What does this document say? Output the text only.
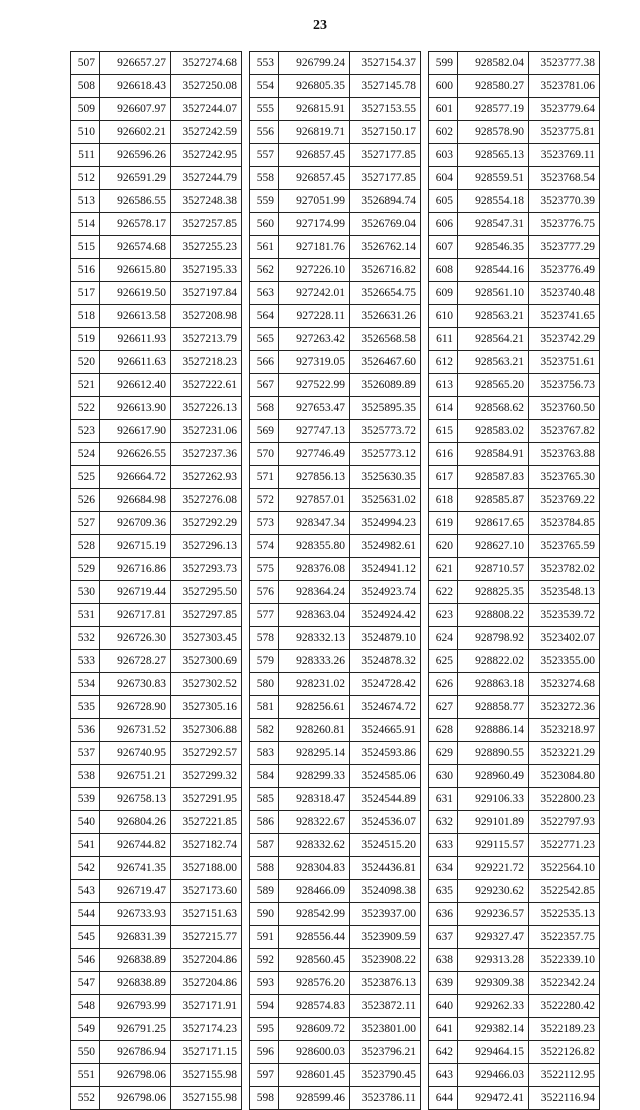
23
507	926657.27	3527274.68
508	926618.43	3527250.08
509	926607.97	3527244.07
510	926602.21	3527242.59
511	926596.26	3527242.95
512	926591.29	3527244.79
513	926586.55	3527248.38
514	926578.17	3527257.85
515	926574.68	3527255.23
516	926615.80	3527195.33
517	926619.50	3527197.84
518	926613.58	3527208.98
519	926611.93	3527213.79
520	926611.63	3527218.23
521	926612.40	3527222.61
522	926613.90	3527226.13
523	926617.90	3527231.06
524	926626.55	3527237.36
525	926664.72	3527262.93
526	926684.98	3527276.08
527	926709.36	3527292.29
528	926715.19	3527296.13
529	926716.86	3527293.73
530	926719.44	3527295.50
531	926717.81	3527297.85
532	926726.30	3527303.45
533	926728.27	3527300.69
534	926730.83	3527302.52
535	926728.90	3527305.16
536	926731.52	3527306.88
537	926740.95	3527292.57
538	926751.21	3527299.32
539	926758.13	3527291.95
540	926804.26	3527221.85
541	926744.82	3527182.74
542	926741.35	3527188.00
543	926719.47	3527173.60
544	926733.93	3527151.63
545	926831.39	3527215.77
546	926838.89	3527204.86
547	926838.89	3527204.86
548	926793.99	3527171.91
549	926791.25	3527174.23
550	926786.94	3527171.15
551	926798.06	3527155.98
552	926798.06	3527155.98
553	926799.24	3527154.37
554	926805.35	3527145.78
555	926815.91	3527153.55
556	926819.71	3527150.17
557	926857.45	3527177.85
558	926857.45	3527177.85
559	927051.99	3526894.74
560	927174.99	3526769.04
561	927181.76	3526762.14
562	927226.10	3526716.82
563	927242.01	3526654.75
564	927228.11	3526631.26
565	927263.42	3526568.58
566	927319.05	3526467.60
567	927522.99	3526089.89
568	927653.47	3525895.35
569	927747.13	3525773.72
570	927746.49	3525773.12
571	927856.13	3525630.35
572	927857.01	3525631.02
573	928347.34	3524994.23
574	928355.80	3524982.61
575	928376.08	3524941.12
576	928364.24	3524923.74
577	928363.04	3524924.42
578	928332.13	3524879.10
579	928333.26	3524878.32
580	928231.02	3524728.42
581	928256.61	3524674.72
582	928260.81	3524665.91
583	928295.14	3524593.86
584	928299.33	3524585.06
585	928318.47	3524544.89
586	928322.67	3524536.07
587	928332.62	3524515.20
588	928304.83	3524436.81
589	928466.09	3524098.38
590	928542.99	3523937.00
591	928556.44	3523909.59
592	928560.45	3523908.22
593	928576.20	3523876.13
594	928574.83	3523872.11
595	928609.72	3523801.00
596	928600.03	3523796.21
597	928601.45	3523790.45
598	928599.46	3523786.11
599	928582.04	3523777.38
600	928580.27	3523781.06
601	928577.19	3523779.64
602	928578.90	3523775.81
603	928565.13	3523769.11
604	928559.51	3523768.54
605	928554.18	3523770.39
606	928547.31	3523776.75
607	928546.35	3523777.29
608	928544.16	3523776.49
609	928561.10	3523740.48
610	928563.21	3523741.65
611	928564.21	3523742.29
612	928563.21	3523751.61
613	928565.20	3523756.73
614	928568.62	3523760.50
615	928583.02	3523767.82
616	928584.91	3523763.88
617	928587.83	3523765.30
618	928585.87	3523769.22
619	928617.65	3523784.85
620	928627.10	3523765.59
621	928710.57	3523782.02
622	928825.35	3523548.13
623	928808.22	3523539.72
624	928798.92	3523402.07
625	928822.02	3523355.00
626	928863.18	3523274.68
627	928858.77	3523272.36
628	928886.14	3523218.97
629	928890.55	3523221.29
630	928960.49	3523084.80
631	929106.33	3522800.23
632	929101.89	3522797.93
633	929115.57	3522771.23
634	929221.72	3522564.10
635	929230.62	3522542.85
636	929236.57	3522535.13
637	929327.47	3522357.75
638	929313.28	3522339.10
639	929309.38	3522342.24
640	929262.33	3522280.42
641	929382.14	3522189.23
642	929464.15	3522126.82
643	929466.03	3522112.95
644	929472.41	3522116.94
